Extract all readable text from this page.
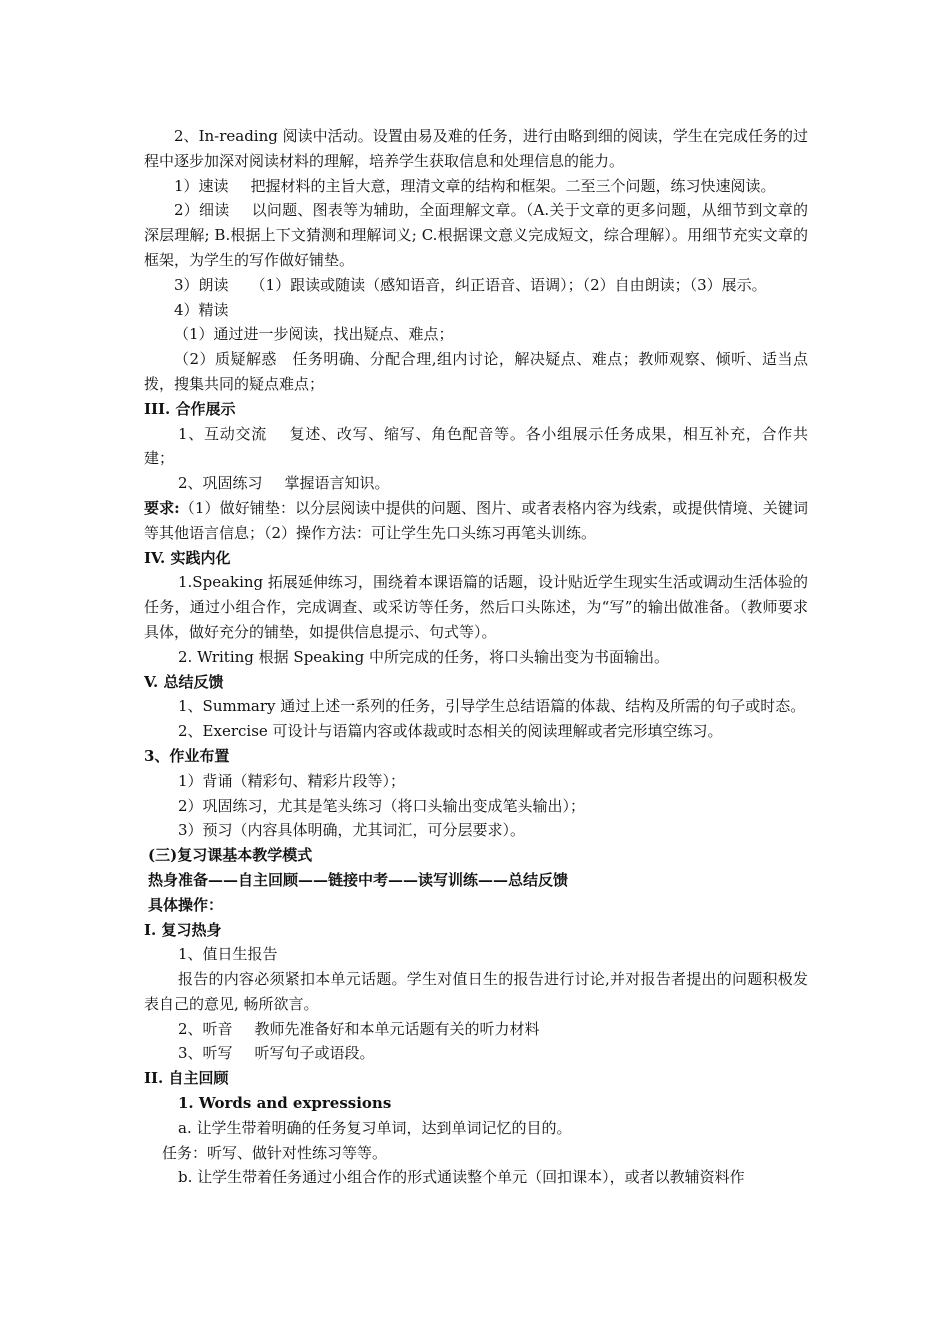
2、In-reading 阅读中活动。设置由易及难的任务，进行由略到细的阅读，学生在完成任务的过程中逐步加深对阅读材料的理解，培养学生获取信息和处理信息的能力。

1）速读 把握材料的主旨大意，理清文章的结构和框架。二至三个问题，练习快速阅读。

2）细读 以问题、图表等为辅助，全面理解文章。（A.关于文章的更多问题，从细节到文章的深层理解; B.根据上下文猜测和理解词义; C.根据课文意义完成短文，综合理解）。用细节充实文章的框架，为学生的写作做好铺垫。

3）朗读 （1）跟读或随读（感知语音，纠正语音、语调）；（2）自由朗读；（3）展示。

4）精读

（1）通过进一步阅读，找出疑点、难点；

（2）质疑解惑　任务明确、分配合理,组内讨论，解决疑点、难点；教师观察、倾听、适当点拨，搜集共同的疑点难点；

III. 合作展示

1、互动交流 复述、改写、缩写、角色配音等。各小组展示任务成果，相互补充，合作共建；

2、巩固练习 掌握语言知识。

要求:（1）做好铺垫：以分层阅读中提供的问题、图片、或者表格内容为线索，或提供情境、关键词等其他语言信息；（2）操作方法：可让学生先口头练习再笔头训练。

IV. 实践内化

1.Speaking 拓展延伸练习，围绕着本课语篇的话题，设计贴近学生现实生活或调动生活体验的任务，通过小组合作，完成调查、或采访等任务，然后口头陈述，为“写”的输出做准备。（教师要求具体，做好充分的铺垫，如提供信息提示、句式等）。

2. Writing 根据 Speaking 中所完成的任务，将口头输出变为书面输出。

V. 总结反馈

1、Summary 通过上述一系列的任务，引导学生总结语篇的体裁、结构及所需的句子或时态。

2、Exercise 可设计与语篇内容或体裁或时态相关的阅读理解或者完形填空练习。

3、作业布置

1）背诵（精彩句、精彩片段等）；

2）巩固练习，尤其是笔头练习（将口头输出变成笔头输出）；

3）预习（内容具体明确，尤其词汇，可分层要求）。

(三)复习课基本教学模式

热身准备——自主回顾——链接中考——读写训练——总结反馈

具体操作：

I. 复习热身

1、值日生报告

报告的内容必须紧扣本单元话题。学生对值日生的报告进行讨论,并对报告者提出的问题积极发表自己的意见, 畅所欲言。

2、听音 教师先准备好和本单元话题有关的听力材料

3、听写 听写句子或语段。

II. 自主回顾

1. Words and expressions

a. 让学生带着明确的任务复习单词，达到单词记忆的目的。

任务：听写、做针对性练习等等。

b. 让学生带着任务通过小组合作的形式通读整个单元（回扣课本），或者以教辅资料作
